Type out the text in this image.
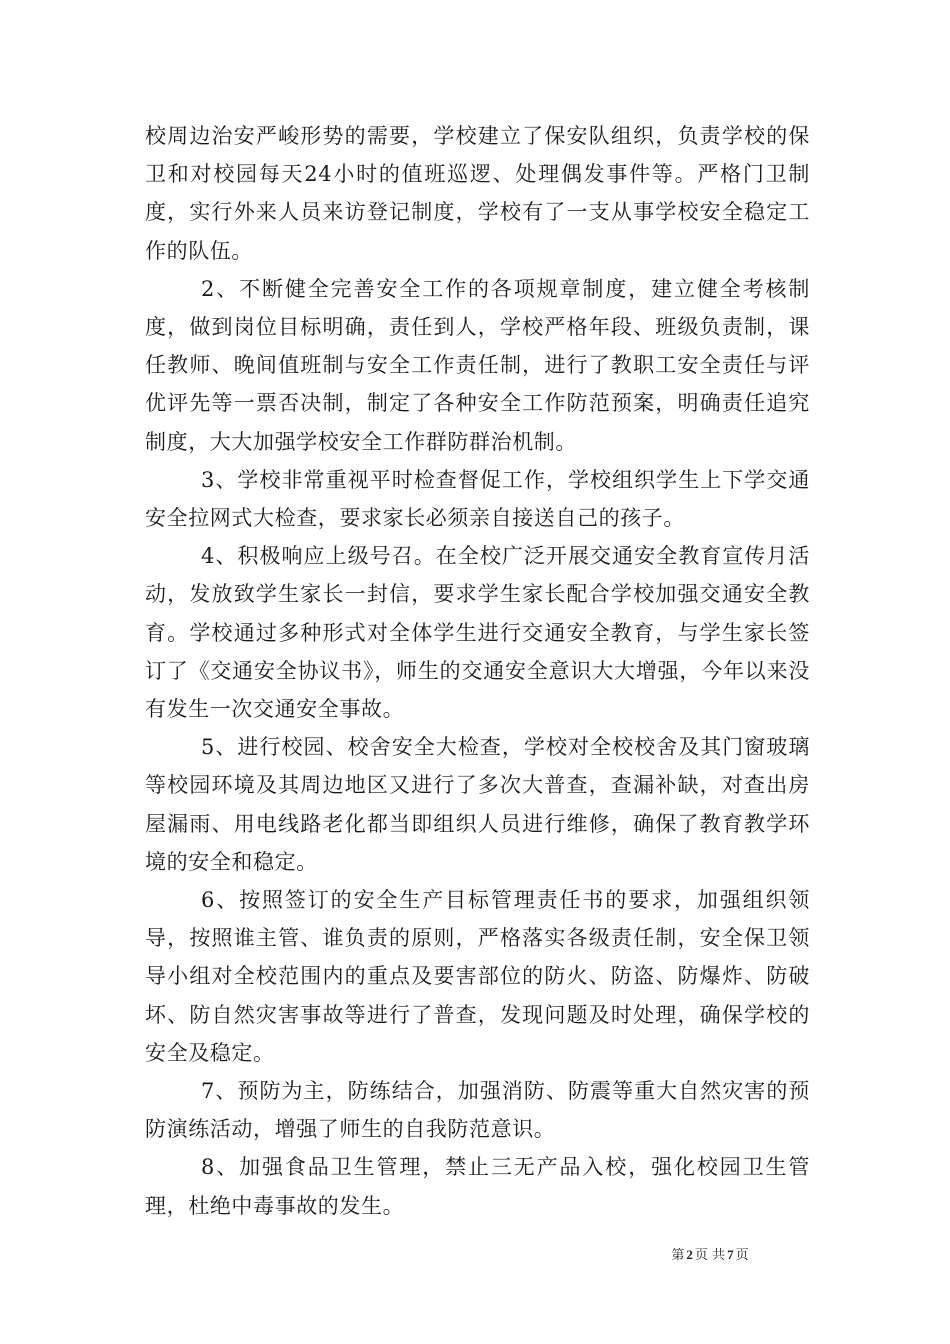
校周边治安严峻形势的需要，学校建立了保安队组织，负责学校的保卫和对校园每天24小时的值班巡逻、处理偶发事件等。严格门卫制度，实行外来人员来访登记制度，学校有了一支从事学校安全稳定工作的队伍。

2、不断健全完善安全工作的各项规章制度，建立健全考核制度，做到岗位目标明确，责任到人，学校严格年段、班级负责制，课任教师、晚间值班制与安全工作责任制，进行了教职工安全责任与评优评先等一票否决制，制定了各种安全工作防范预案，明确责任追究制度，大大加强学校安全工作群防群治机制。

3、学校非常重视平时检查督促工作，学校组织学生上下学交通安全拉网式大检查，要求家长必须亲自接送自己的孩子。

4、积极响应上级号召。在全校广泛开展交通安全教育宣传月活动，发放致学生家长一封信，要求学生家长配合学校加强交通安全教育。学校通过多种形式对全体学生进行交通安全教育，与学生家长签订了《交通安全协议书》，师生的交通安全意识大大增强，今年以来没有发生一次交通安全事故。

5、进行校园、校舍安全大检查，学校对全校校舍及其门窗玻璃等校园环境及其周边地区又进行了多次大普查，查漏补缺，对查出房屋漏雨、用电线路老化都当即组织人员进行维修，确保了教育教学环境的安全和稳定。

6、按照签订的安全生产目标管理责任书的要求，加强组织领导，按照谁主管、谁负责的原则，严格落实各级责任制，安全保卫领导小组对全校范围内的重点及要害部位的防火、防盗、防爆炸、防破坏、防自然灾害事故等进行了普查，发现问题及时处理，确保学校的安全及稳定。

7、预防为主，防练结合，加强消防、防震等重大自然灾害的预防演练活动，增强了师生的自我防范意识。

8、加强食品卫生管理，禁止三无产品入校，强化校园卫生管理，杜绝中毒事故的发生。

第 2 页 共 7 页
